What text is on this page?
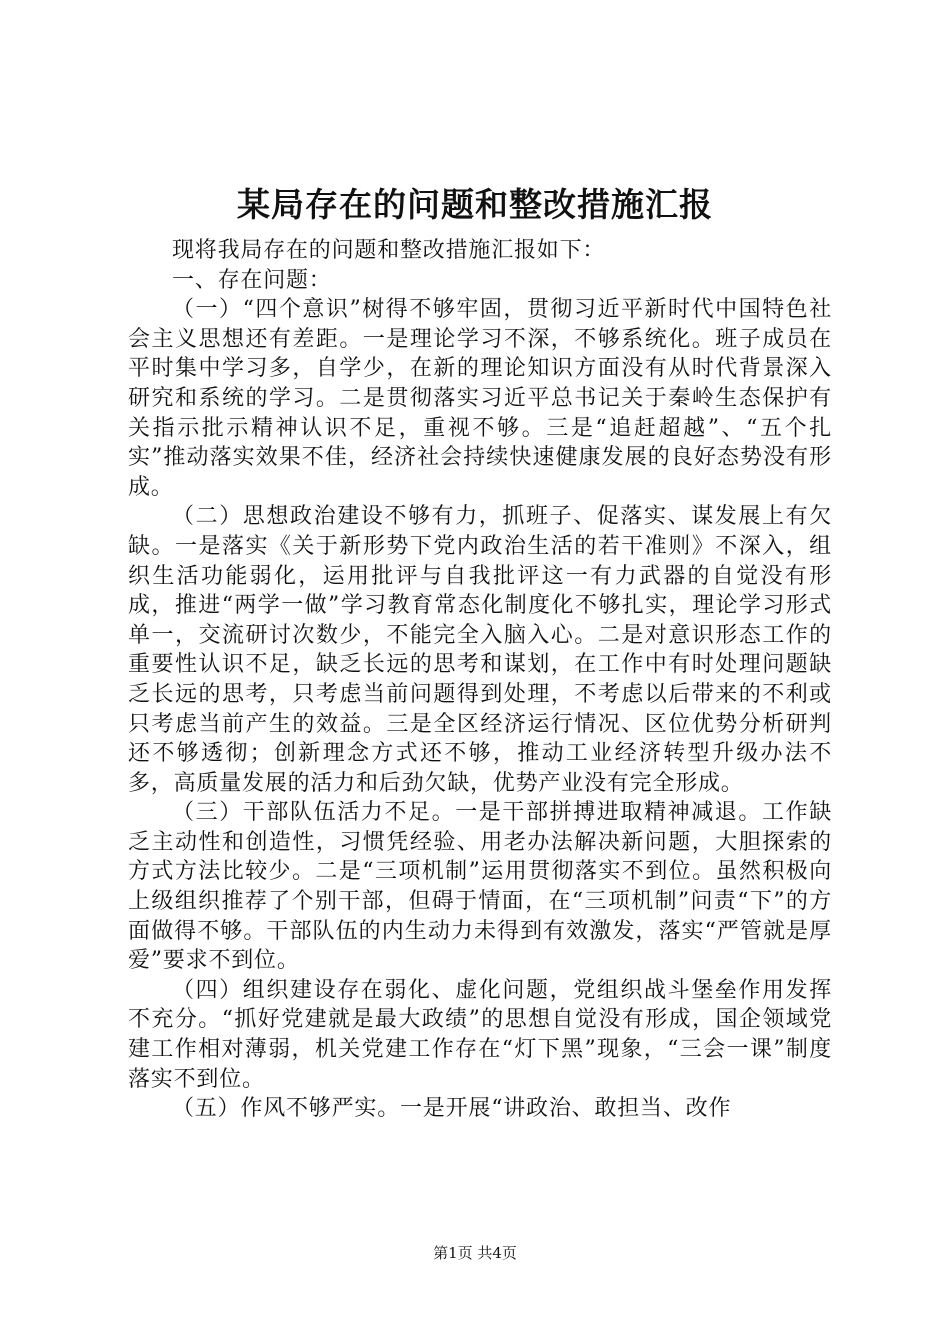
某局存在的问题和整改措施汇报

现将我局存在的问题和整改措施汇报如下：

一、存在问题：

（一）“四个意识”树得不够牢固，贯彻习近平新时代中国特色社会主义思想还有差距。一是理论学习不深，不够系统化。班子成员在平时集中学习多，自学少，在新的理论知识方面没有从时代背景深入研究和系统的学习。二是贯彻落实习近平总书记关于秦岭生态保护有关指示批示精神认识不足，重视不够。三是“追赶超越”、“五个扎实”推动落实效果不佳，经济社会持续快速健康发展的良好态势没有形成。

（二）思想政治建设不够有力，抓班子、促落实、谋发展上有欠缺。一是落实《关于新形势下党内政治生活的若干准则》不深入，组织生活功能弱化，运用批评与自我批评这一有力武器的自觉没有形成，推进“两学一做”学习教育常态化制度化不够扎实，理论学习形式单一，交流研讨次数少，不能完全入脑入心。二是对意识形态工作的重要性认识不足，缺乏长远的思考和谋划，在工作中有时处理问题缺乏长远的思考，只考虑当前问题得到处理，不考虑以后带来的不利或只考虑当前产生的效益。三是全区经济运行情况、区位优势分析研判还不够透彻；创新理念方式还不够，推动工业经济转型升级办法不多，高质量发展的活力和后劲欠缺，优势产业没有完全形成。

（三）干部队伍活力不足。一是干部拼搏进取精神减退。工作缺乏主动性和创造性，习惯凭经验、用老办法解决新问题，大胆探索的方式方法比较少。二是“三项机制”运用贯彻落实不到位。虽然积极向上级组织推荐了个别干部，但碍于情面，在“三项机制”问责“下”的方面做得不够。干部队伍的内生动力未得到有效激发，落实“严管就是厚爱”要求不到位。

（四）组织建设存在弱化、虚化问题，党组织战斗堡垒作用发挥不充分。“抓好党建就是最大政绩”的思想自觉没有形成，国企领域党建工作相对薄弱，机关党建工作存在“灯下黑”现象，“三会一课”制度落实不到位。

（五）作风不够严实。一是开展“讲政治、敢担当、改作

第1页 共4页
